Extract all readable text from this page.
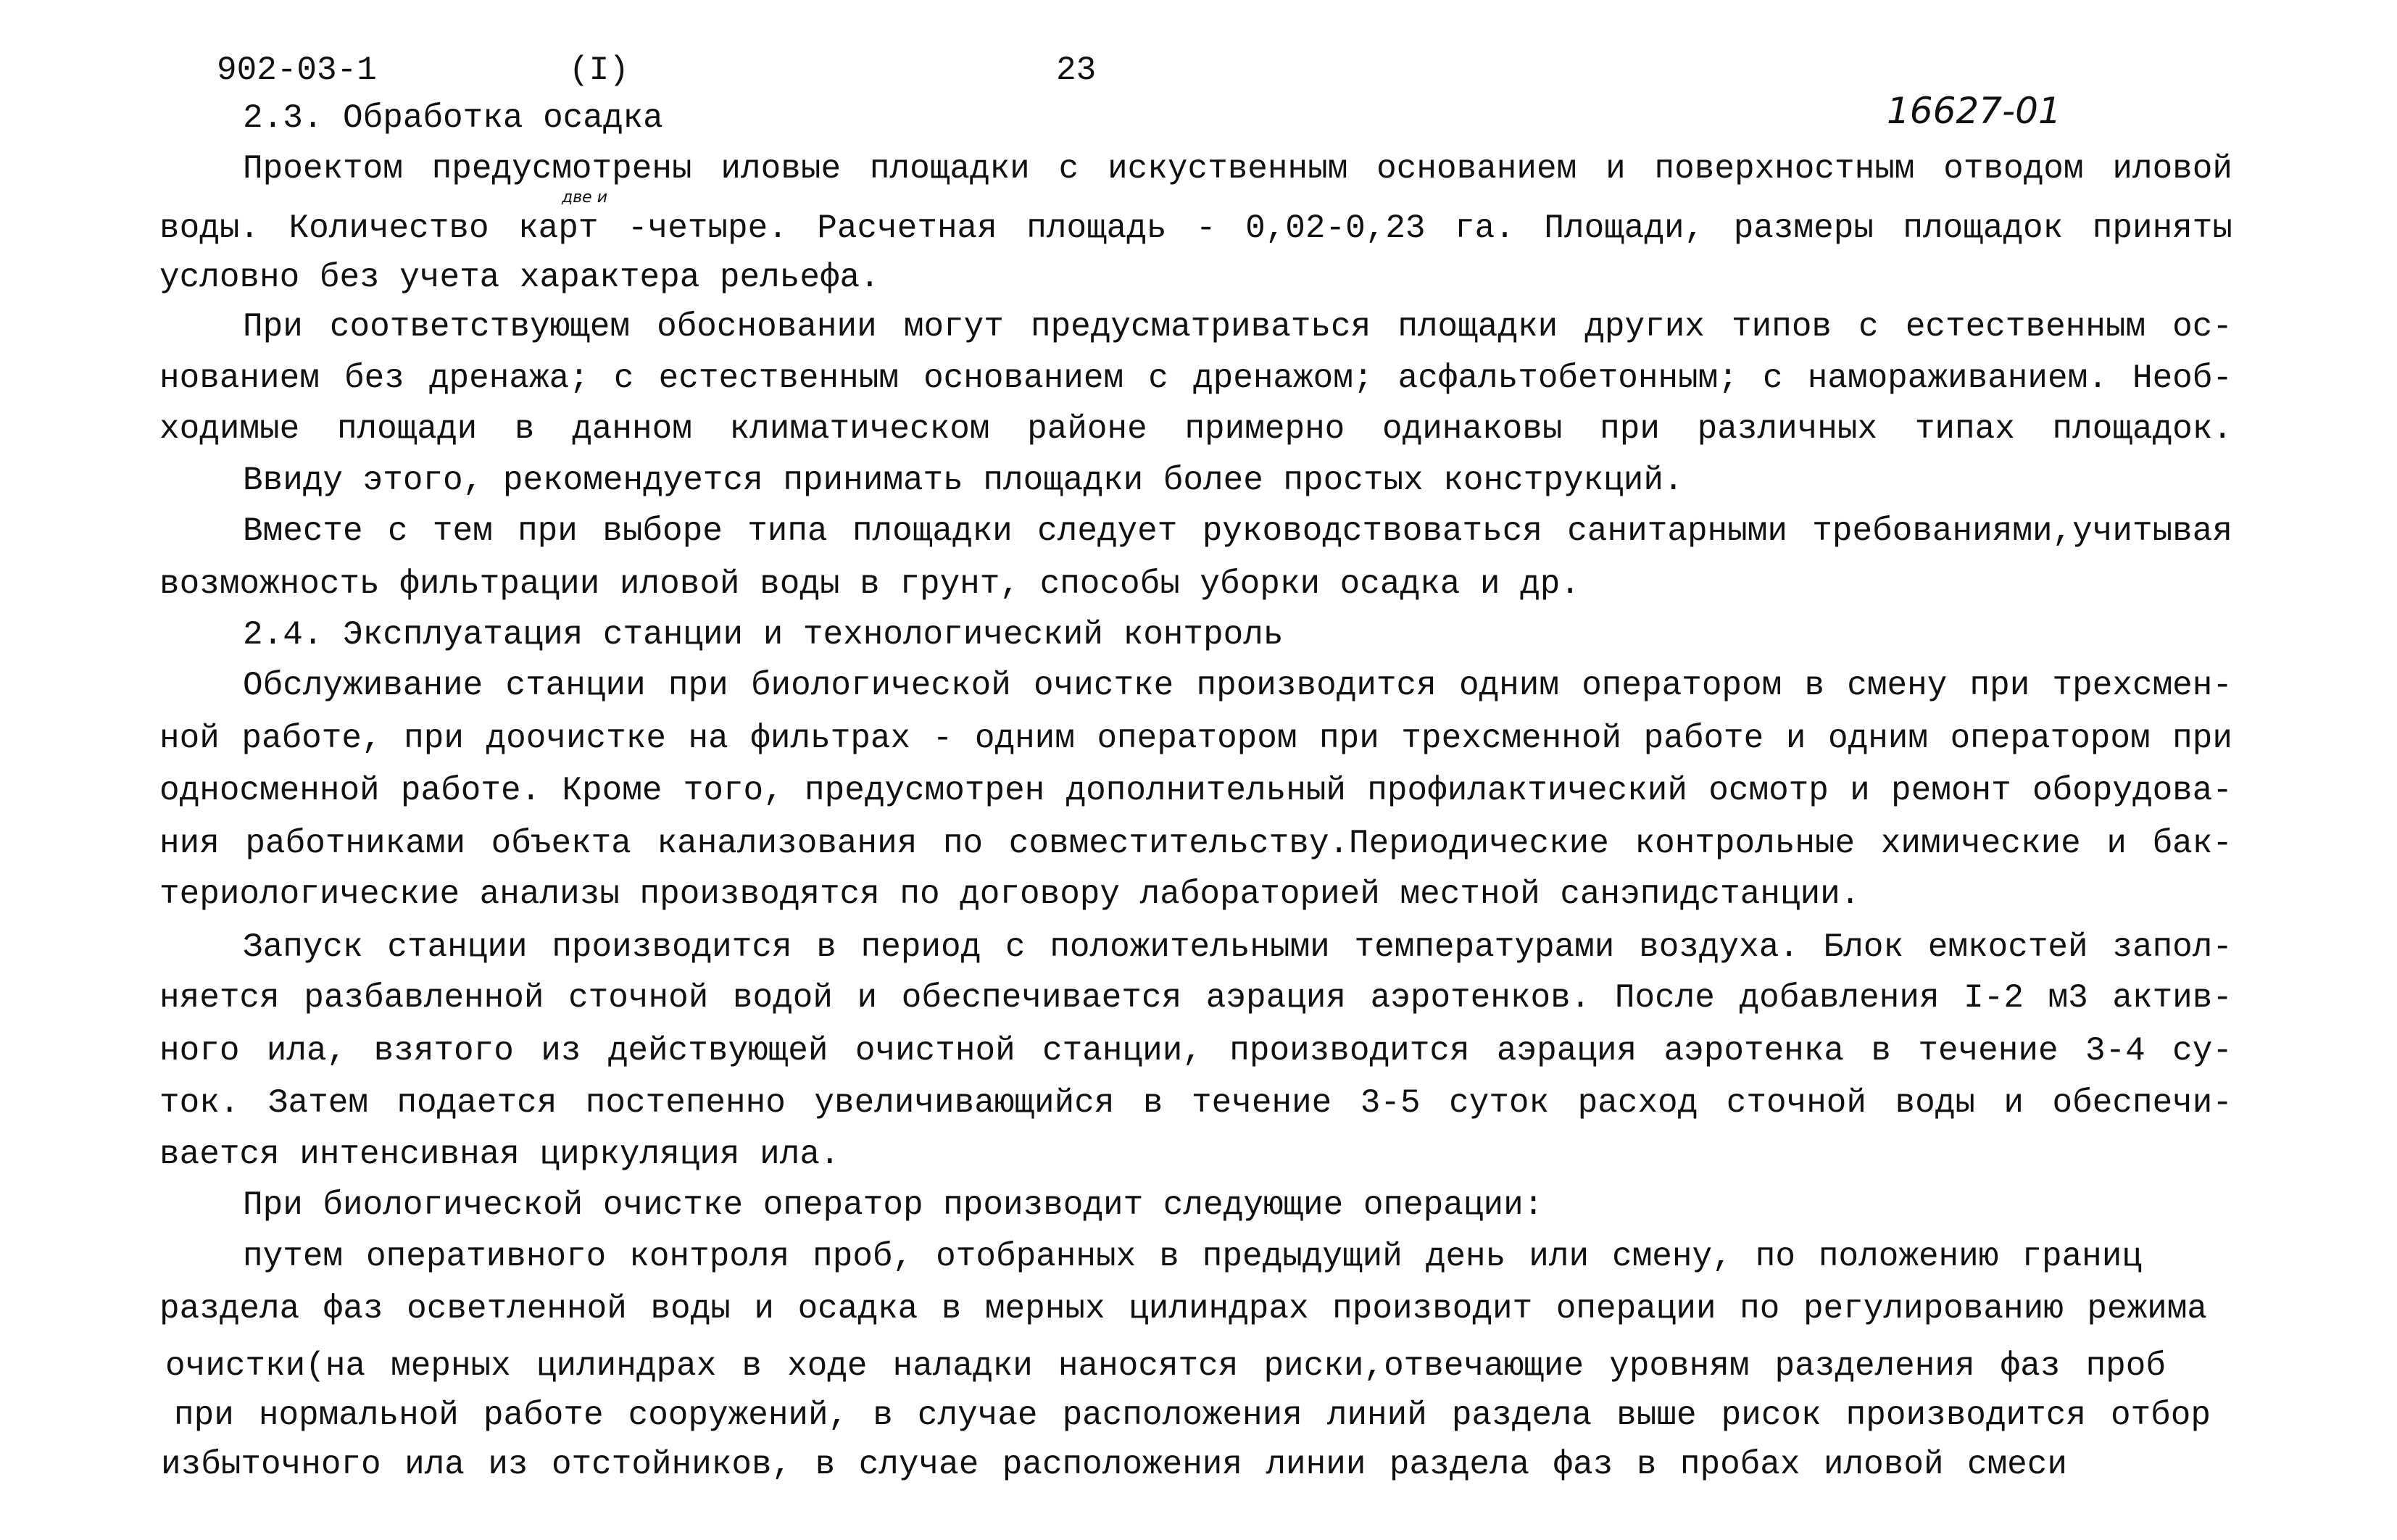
902-03-1	(I)	23
16627-01
две и
2.3. Обработка осадка
Проектом предусмотрены иловые площадки с искуственным основанием и поверхностным отводом иловой
воды. Количество карт -четыре. Расчетная площадь - 0,02-0,23 га. Площади, размеры площадок приняты
условно без учета характера рельефа.
При соответствующем обосновании могут предусматриваться площадки других типов с естественным ос-
нованием без дренажа; с естественным основанием с дренажом; асфальтобетонным; с намораживанием. Необ-
ходимые площади в данном климатическом районе примерно одинаковы при различных типах площадок.
Ввиду этого, рекомендуется принимать площадки более простых конструкций.
Вместе с тем при выборе типа площадки следует руководствоваться санитарными требованиями,учитывая
возможность фильтрации иловой воды в грунт, способы уборки осадка и др.
2.4. Эксплуатация станции и технологический контроль
Обслуживание станции при биологической очистке производится одним оператором в смену при трехсмен-
ной работе, при доочистке на фильтрах - одним оператором при трехсменной работе и одним оператором при
односменной работе. Кроме того, предусмотрен дополнительный профилактический осмотр и ремонт оборудова-
ния работниками объекта канализования по совместительству.Периодические контрольные химические и бак-
териологические анализы производятся по договору лабораторией местной санэпидстанции.
Запуск станции производится в период с положительными температурами воздуха. Блок емкостей запол-
няется разбавленной сточной водой и обеспечивается аэрация аэротенков. После добавления I-2 м3 актив-
ного ила, взятого из действующей очистной станции, производится аэрация аэротенка в течение 3-4 су-
ток. Затем подается постепенно увеличивающийся в течение 3-5 суток расход сточной воды и обеспечи-
вается интенсивная циркуляция ила.
При биологической очистке оператор производит следующие операции:
путем оперативного контроля проб, отобранных в предыдущий день или смену, по положению границ
раздела фаз осветленной воды и осадка в мерных цилиндрах производит операции по регулированию режима
очистки(на мерных цилиндрах в ходе наладки наносятся риски,отвечающие уровням разделения фаз проб
при нормальной работе сооружений, в случае расположения линий раздела выше рисок производится отбор
избыточного ила из отстойников, в случае расположения линии раздела фаз в пробах иловой смеси
